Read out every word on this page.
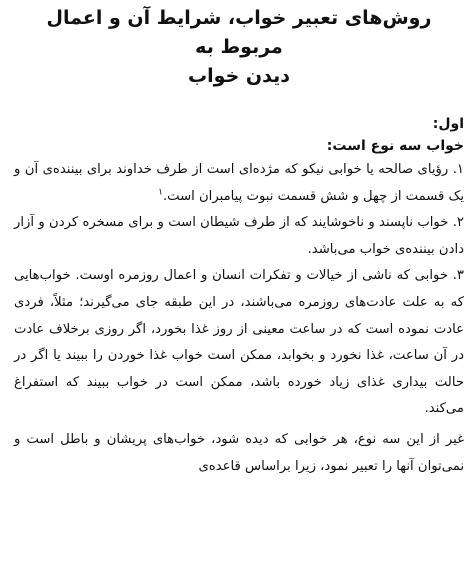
روش‌های تعبیر خواب، شرایط آن و اعمال مربوط به
دیدن خواب

اول:

خواب سه نوع است:

۱. رؤیای صالحه یا خوابی نیکو که مژده‌ای است از طرف خداوند برای بیننده‌ی آن و یک قسمت از چهل و شش قسمت نبوت پیامبران است.$^۱$

۲. خواب ناپسند و ناخوشایند که از طرف شیطان است و برای مسخره کردن و آزار دادن بیننده‌ی خواب می‌باشد.

۳. خوابی که ناشی از خیالات و تفکرات انسان و اعمال روزمره اوست. خواب‌هایی که به علت عادت‌های روزمره می‌باشند، در این طبقه جای می‌گیرند؛ مثلاً، فردی عادت نموده است که در ساعت معینی از روز غذا بخورد، اگر روزی برخلاف عادت در آن ساعت، غذا نخورد و بخوابد، ممکن است خواب غذا خوردن را ببیند یا اگر در حالت بیداری غذای زیاد خورده باشد، ممکن است در خواب ببیند که استفراغ می‌کند.

غیر از این سه نوع، هر خوابی که دیده شود، خواب‌های پریشان و باطل است و نمی‌توان آنها را تعبیر نمود، زیرا براساس قاعده‌ی
